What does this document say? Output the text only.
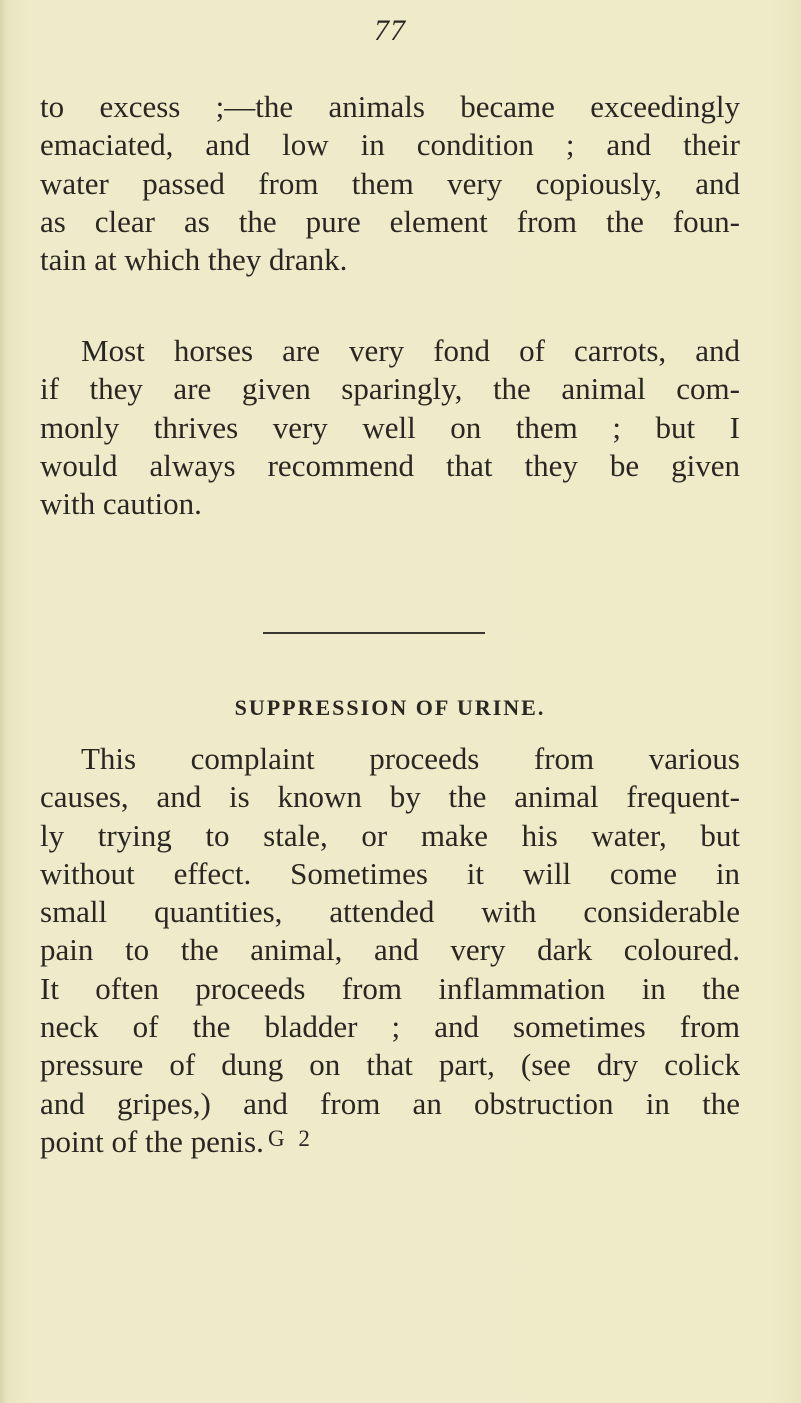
77
to excess ;—the animals became exceedingly
emaciated, and low in condition ; and their
water passed from them very copiously, and
as clear as the pure element from the foun-
tain at which they drank.
Most horses are very fond of carrots, and
if they are given sparingly, the animal com-
monly thrives very well on them ; but I
would always recommend that they be given
with caution.
SUPPRESSION OF URINE.
This complaint proceeds from various
causes, and is known by the animal frequent-
ly trying to stale, or make his water, but
without effect. Sometimes it will come in
small quantities, attended with considerable
pain to the animal, and very dark coloured.
It often proceeds from inflammation in the
neck of the bladder ; and sometimes from
pressure of dung on that part, (see dry colick
and gripes,) and from an obstruction in the
point of the penis. G 2
